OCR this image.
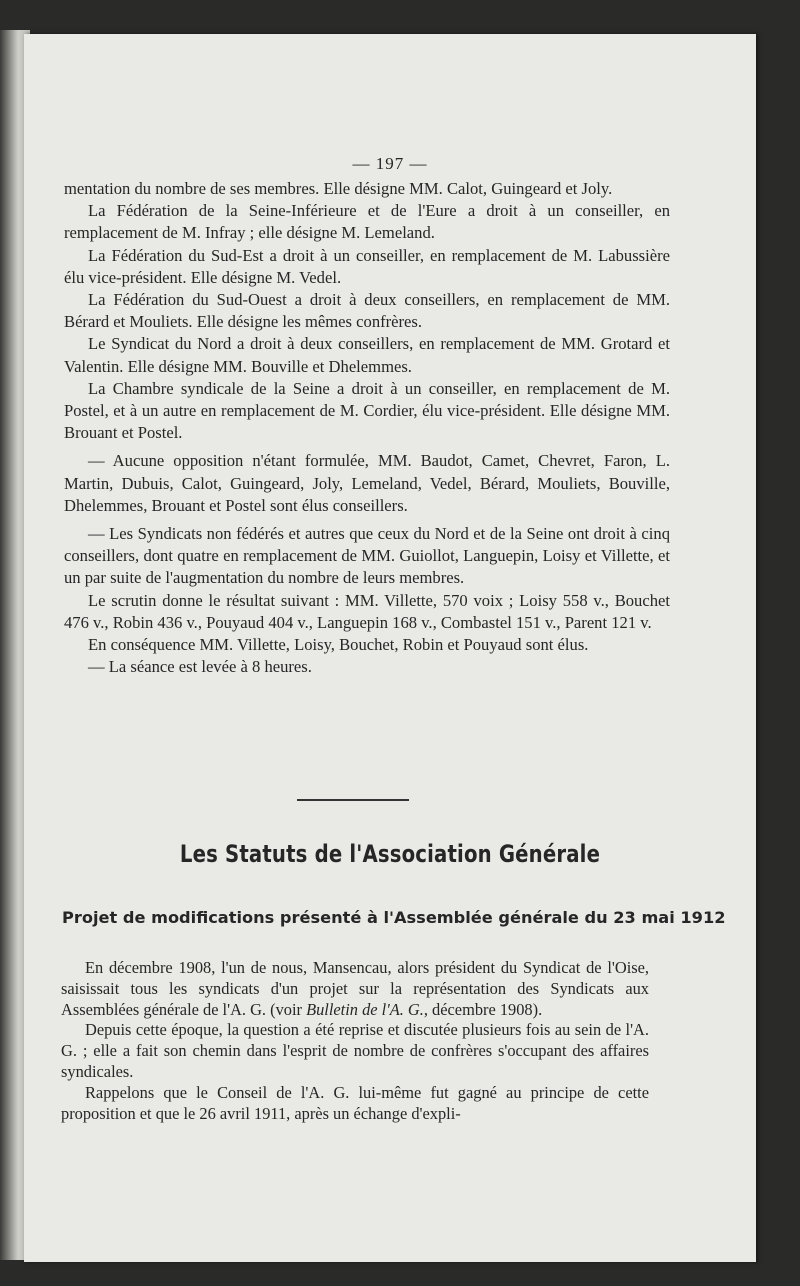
— 197 —

mentation du nombre de ses membres. Elle désigne MM. Calot, Guingeard et Joly.

La Fédération de la Seine-Inférieure et de l'Eure a droit à un conseiller, en remplacement de M. Infray ; elle désigne M. Lemeland.

La Fédération du Sud-Est a droit à un conseiller, en remplacement de M. Labussière élu vice-président. Elle désigne M. Vedel.

La Fédération du Sud-Ouest a droit à deux conseillers, en remplacement de MM. Bérard et Mouliets. Elle désigne les mêmes confrères.

Le Syndicat du Nord a droit à deux conseillers, en remplacement de MM. Grotard et Valentin. Elle désigne MM. Bouville et Dhelemmes.

La Chambre syndicale de la Seine a droit à un conseiller, en remplacement de M. Postel, et à un autre en remplacement de M. Cordier, élu vice-président. Elle désigne MM. Brouant et Postel.

— Aucune opposition n'étant formulée, MM. Baudot, Camet, Chevret, Faron, L. Martin, Dubuis, Calot, Guingeard, Joly, Lemeland, Vedel, Bérard, Mouliets, Bouville, Dhelemmes, Brouant et Postel sont élus conseillers.

— Les Syndicats non fédérés et autres que ceux du Nord et de la Seine ont droit à cinq conseillers, dont quatre en remplacement de MM. Guiollot, Languepin, Loisy et Villette, et un par suite de l'augmentation du nombre de leurs membres.

Le scrutin donne le résultat suivant : MM. Villette, 570 voix ; Loisy 558 v., Bouchet 476 v., Robin 436 v., Pouyaud 404 v., Languepin 168 v., Combastel 151 v., Parent 121 v.

En conséquence MM. Villette, Loisy, Bouchet, Robin et Pouyaud sont élus.

— La séance est levée à 8 heures.

Les Statuts de l'Association Générale
Projet de modifications présenté à l'Assemblée générale du 23 mai 1912

En décembre 1908, l'un de nous, Mansencau, alors président du Syndicat de l'Oise, saisissait tous les syndicats d'un projet sur la représentation des Syndicats aux Assemblées générale de l'A. G. (voir Bulletin de l'A. G., décembre 1908).

Depuis cette époque, la question a été reprise et discutée plusieurs fois au sein de l'A. G. ; elle a fait son chemin dans l'esprit de nombre de confrères s'occupant des affaires syndicales.

Rappelons que le Conseil de l'A. G. lui-même fut gagné au principe de cette proposition et que le 26 avril 1911, après un échange d'expli-
